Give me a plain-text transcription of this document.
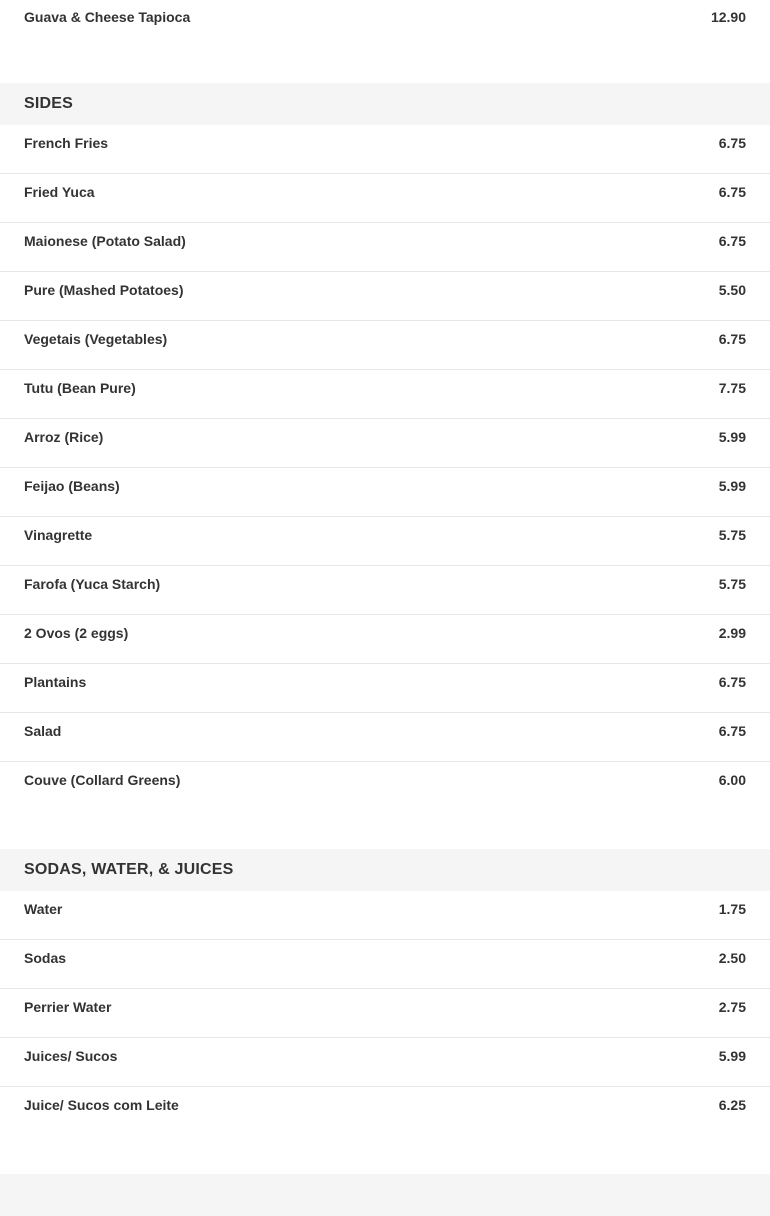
Guava & Cheese Tapioca	12.90
SIDES
French Fries	6.75
Fried Yuca	6.75
Maionese (Potato Salad)	6.75
Pure (Mashed Potatoes)	5.50
Vegetais (Vegetables)	6.75
Tutu (Bean Pure)	7.75
Arroz (Rice)	5.99
Feijao (Beans)	5.99
Vinagrette	5.75
Farofa (Yuca Starch)	5.75
2 Ovos (2 eggs)	2.99
Plantains	6.75
Salad	6.75
Couve (Collard Greens)	6.00
SODAS, WATER, & JUICES
Water	1.75
Sodas	2.50
Perrier Water	2.75
Juices/ Sucos	5.99
Juice/ Sucos com Leite	6.25
